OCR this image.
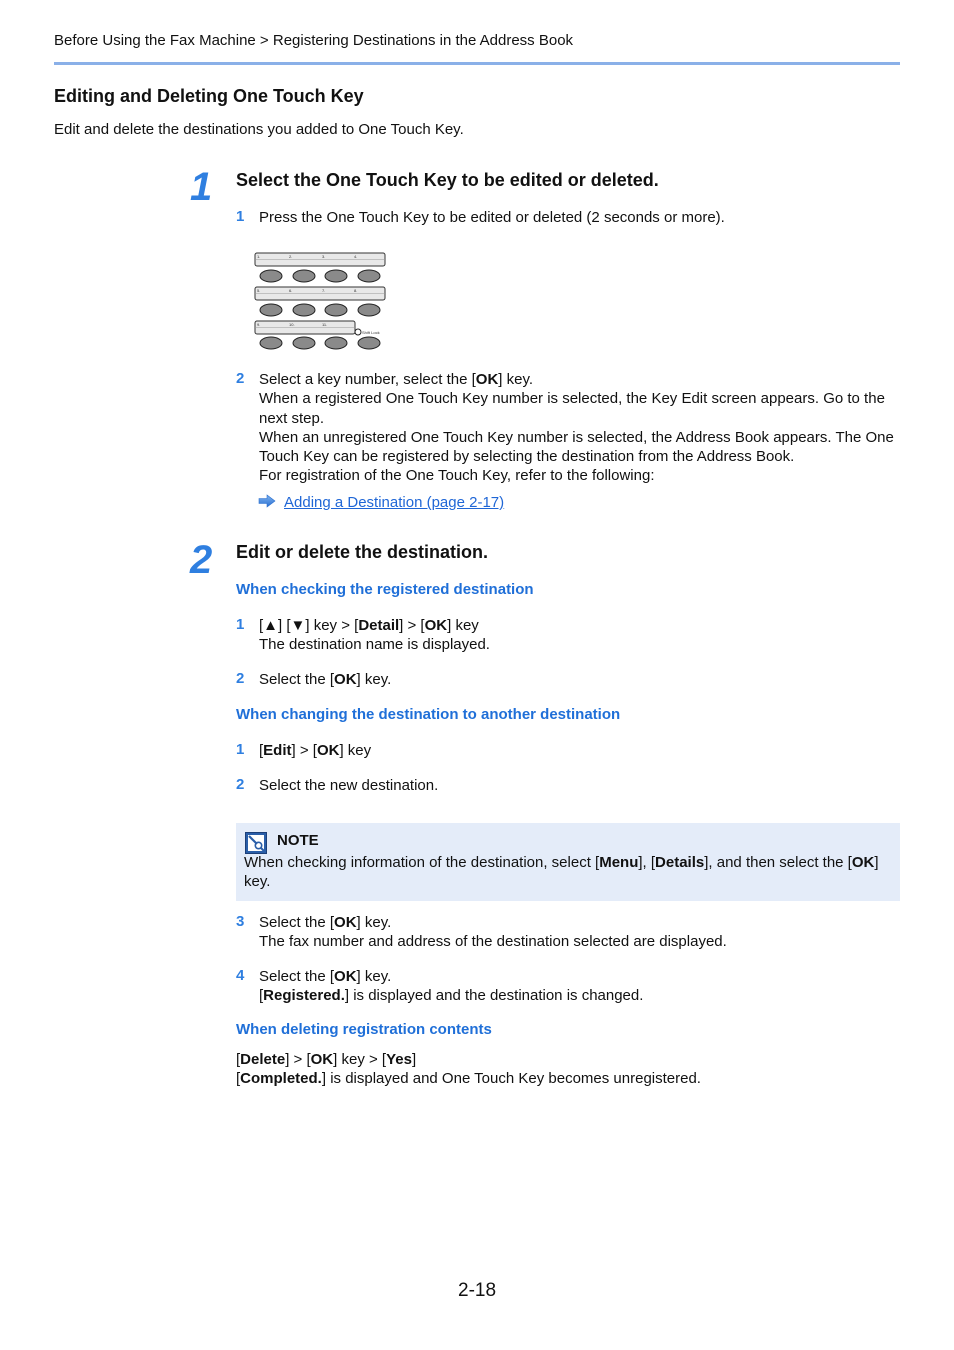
Before Using the Fax Machine > Registering Destinations in the Address Book
Editing and Deleting One Touch Key
Edit and delete the destinations you added to One Touch Key.
1 Select the One Touch Key to be edited or deleted.
1 Press the One Touch Key to be edited or deleted (2 seconds or more).
1.	2.	3.	4.
5.	6.	7.	8.
9.	10.	11.
Shift Lock
2 Select a key number, select the [OK] key.
When a registered One Touch Key number is selected, the Key Edit screen appears. Go to the next step.
When an unregistered One Touch Key number is selected, the Address Book appears. The One Touch Key can be registered by selecting the destination from the Address Book.
For registration of the One Touch Key, refer to the following:
Adding a Destination (page 2-17)
2 Edit or delete the destination.
When checking the registered destination
1 [▲] [▼] key > [Detail] > [OK] key
The destination name is displayed.
2 Select the [OK] key.
When changing the destination to another destination
1 [Edit] > [OK] key
2 Select the new destination.
NOTE
When checking information of the destination, select [Menu], [Details], and then select the [OK] key.
3 Select the [OK] key.
The fax number and address of the destination selected are displayed.
4 Select the [OK] key.
[Registered.] is displayed and the destination is changed.
When deleting registration contents
[Delete] > [OK] key > [Yes]
[Completed.] is displayed and One Touch Key becomes unregistered.
2-18
